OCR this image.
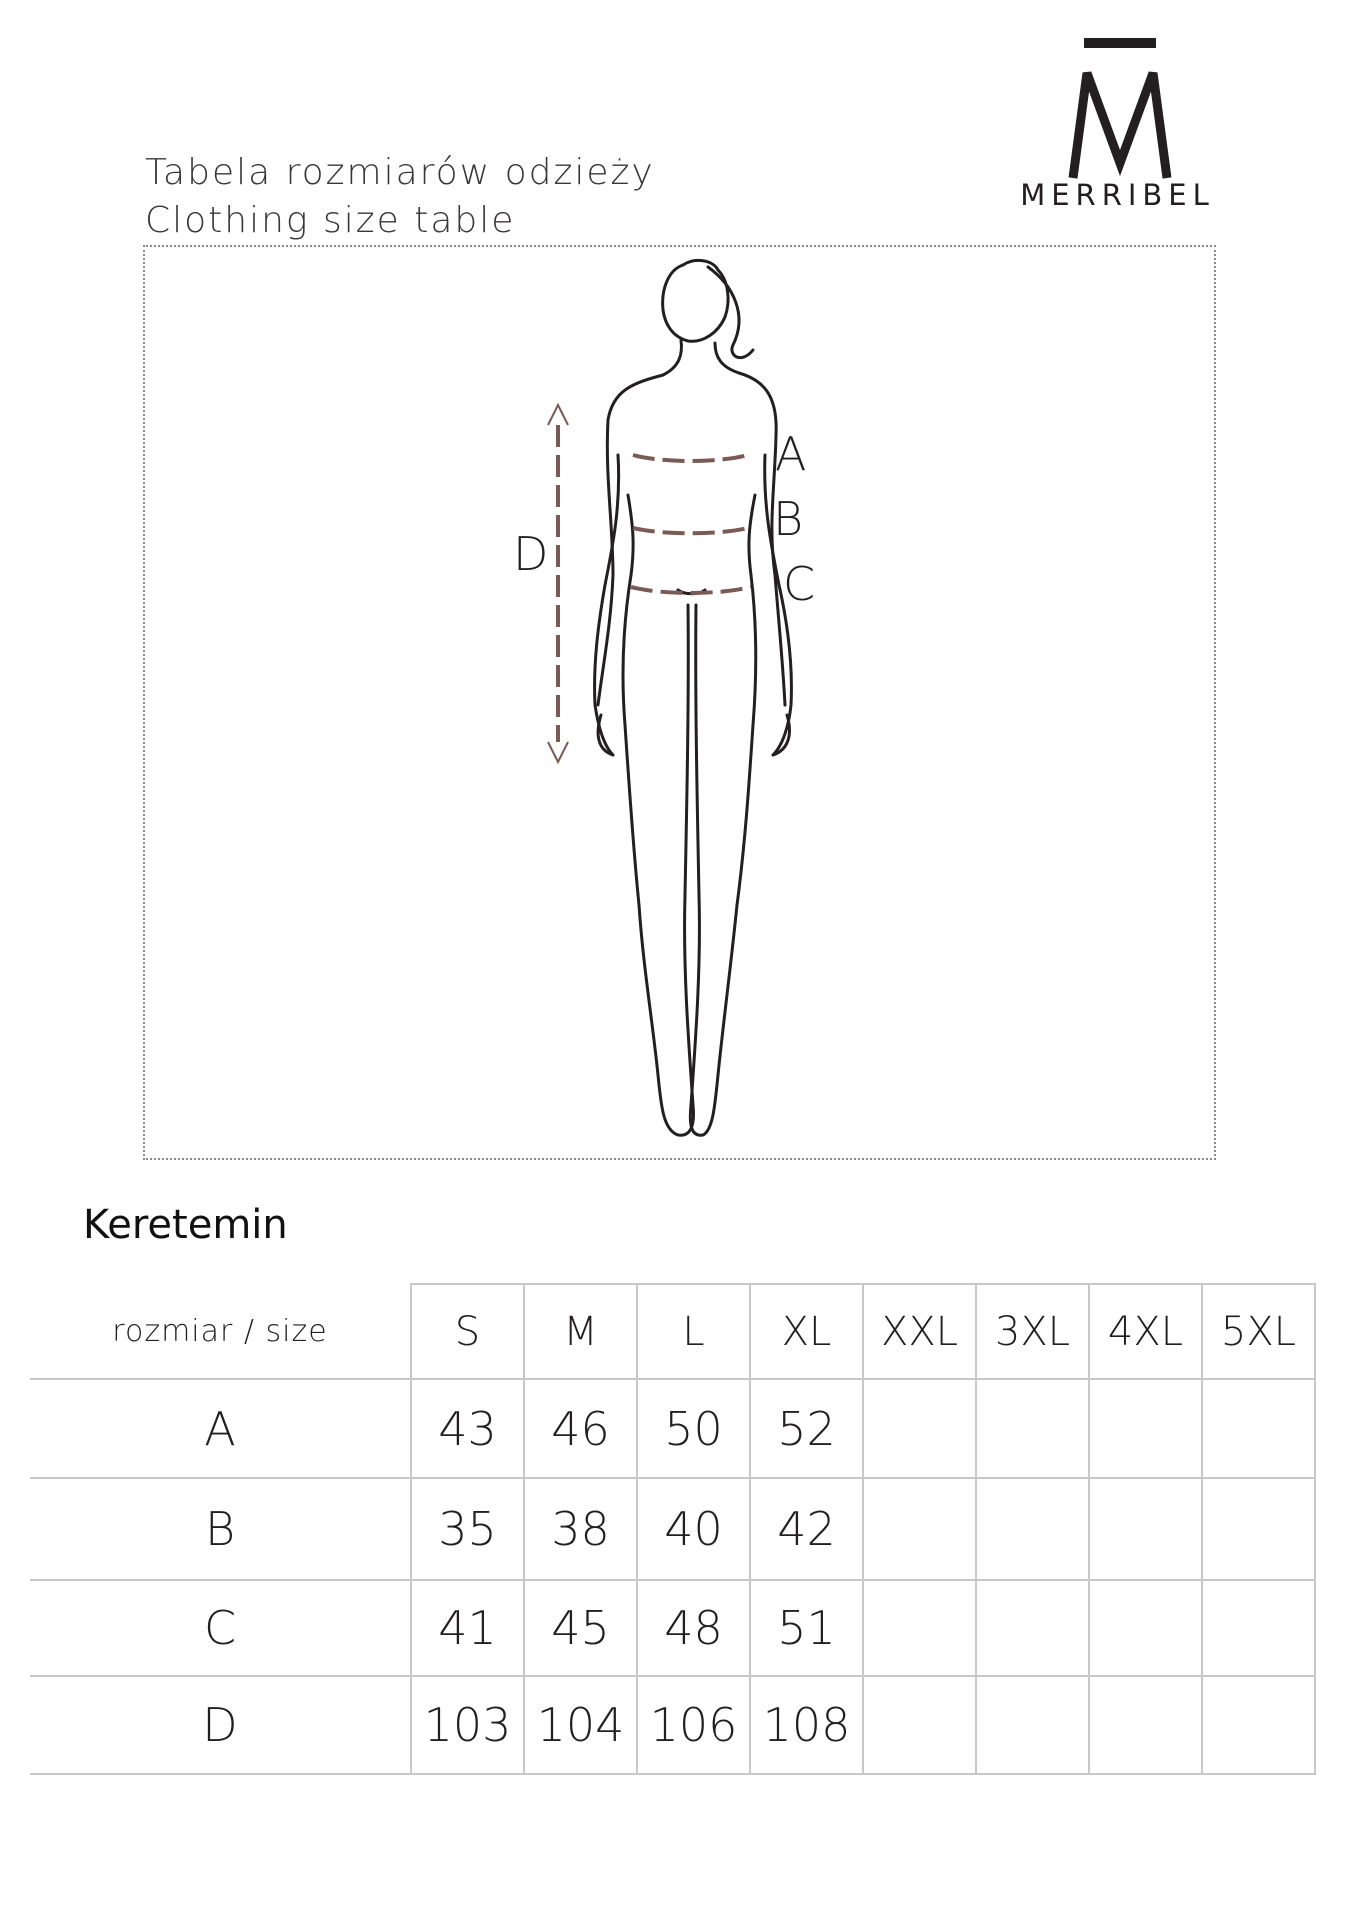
MERRIBEL
Tabela rozmiarów odzieży
Clothing size table
A
B
C
D
Keretemin
rozmiar / size	S	M	L	XL	XXL	3XL	4XL	5XL
A	43	46	50	52				
B	35	38	40	42				
C	41	45	48	51				
D	103	104	106	108				
